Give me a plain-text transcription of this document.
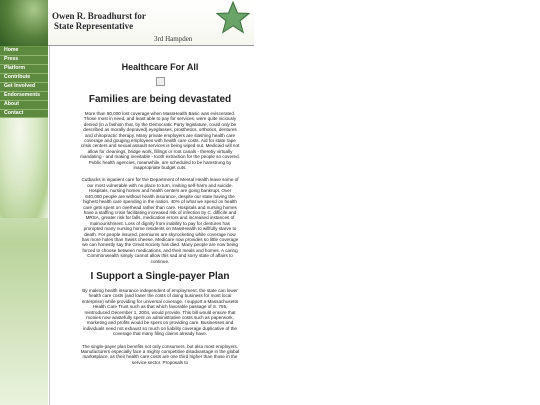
Home
Press
Platform
Contribute
Get Involved
Endorsements
About
Contact
Owen R. Broadhurst for
State Representative
3rd Hampden
Healthcare For All
Families are being devastated

More than 50,000 lost coverage when MassHealth Basic was eviscerated. Those most in need, and least able to pay for services, were quite viciously denied (in a fashion that, by the Democratic Party legislature, could only be described as morally depraved) eyeglasses, prosthetics, orthotics, dentures and chiropractic therapy. Many private employers are slashing health care coverage and gouging employees with health care costs. Aid for state rape crisis centers and sexual assault services is being wiped out. Medicaid will not allow for cleanings, bridge work, fillings or root canals - thereby virtually mandating - and making inevitable - tooth extraction for the people so covered. Public health agencies, meanwhile, are scheduled to be hamstrung by inappropriate budget cuts.

Cutbacks in inpatient care for the Department of Mental Health leave some of our most vulnerable with no place to turn, inviting self-harm and suicide. Hospitals, nursing homes and health centers are going bankrupt. Over 640,000 people are without health insurance, despite our state having the highest health care spending in the nation. 40% of what we spend on health care gets spent on overhead rather than care. Hospitals and nursing homes have a staffing crisis facilitating increased risk of infection by C. difficile and MRSA, greater risk for falls, medication errors and increased instances of malnourishment. Loss of dignity from inability to pay for dentures has prompted many nursing home residents on MassHealth to willfully starve to death. For people insured, premiums are skyrocketing while coverage now has more holes than Swiss cheese. Medicare now provides so little coverage we can honestly say the Great Society has died. Many people are now being forced to choose between medications, and their meals and homes. A caring Commonwealth simply cannot allow this sad and sorry state of affairs to continue.

I Support a Single-payer Plan

By making health insurance independent of employment, the state can lower health care costs (and lower the costs of doing business for most local enterprise) while providing for universal coverage. I support a Massachusetts Health Care Trust such as that which favorable passage of S. 755, reintroduced December 1, 2004, would provide. This bill would ensure that monies now wastefully spent on administrative costs such as paperwork, marketing and profits would be spent on providing care. Businesses and individuals need not exhaust so much on liability coverage duplicative of the coverage that many filing claims already have.

The single-payer plan benefits not only consumers, but also most employers. Manufacturers especially face a mighty competitive disadvantage in the global marketplace, as their health care costs are one third higher than those in the service sector. Proposals to
